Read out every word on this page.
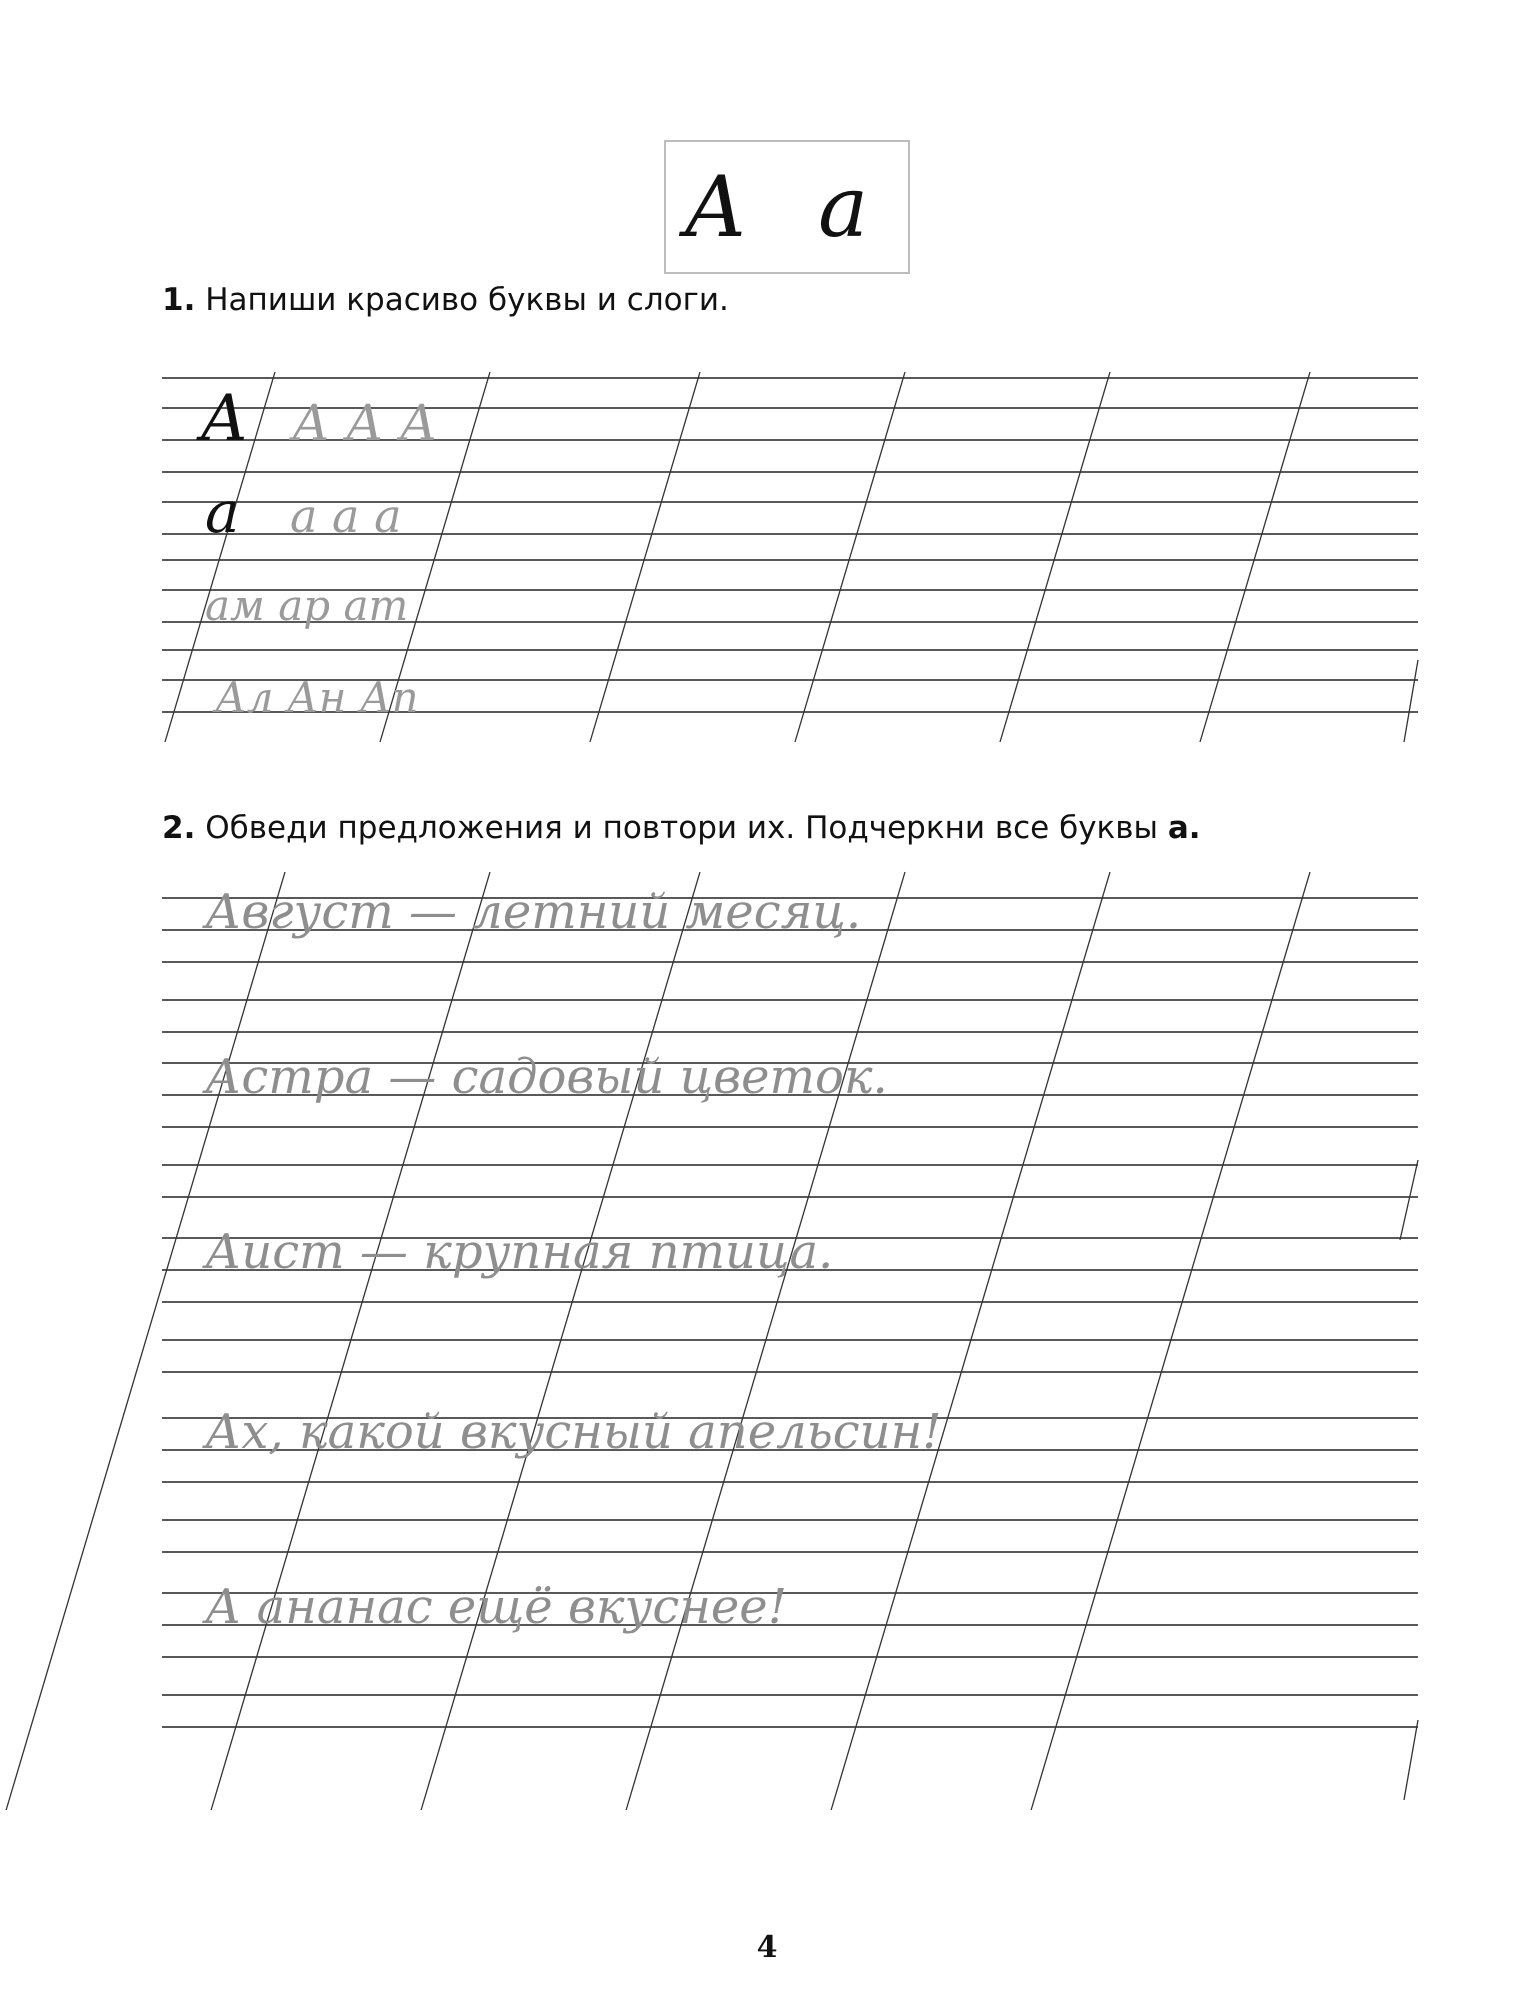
А а
1. Напиши красиво буквы и слоги.
2. Обведи предложения и повтори их. Подчеркни все буквы а.
А А А А
а а а а
ам ар ат
Ал Ан Ап
Август — летний месяц.
Астра — садовый цветок.
Аист — крупная птица.
Ах, какой вкусный апельсин!
А ананас ещё вкуснее!
4
